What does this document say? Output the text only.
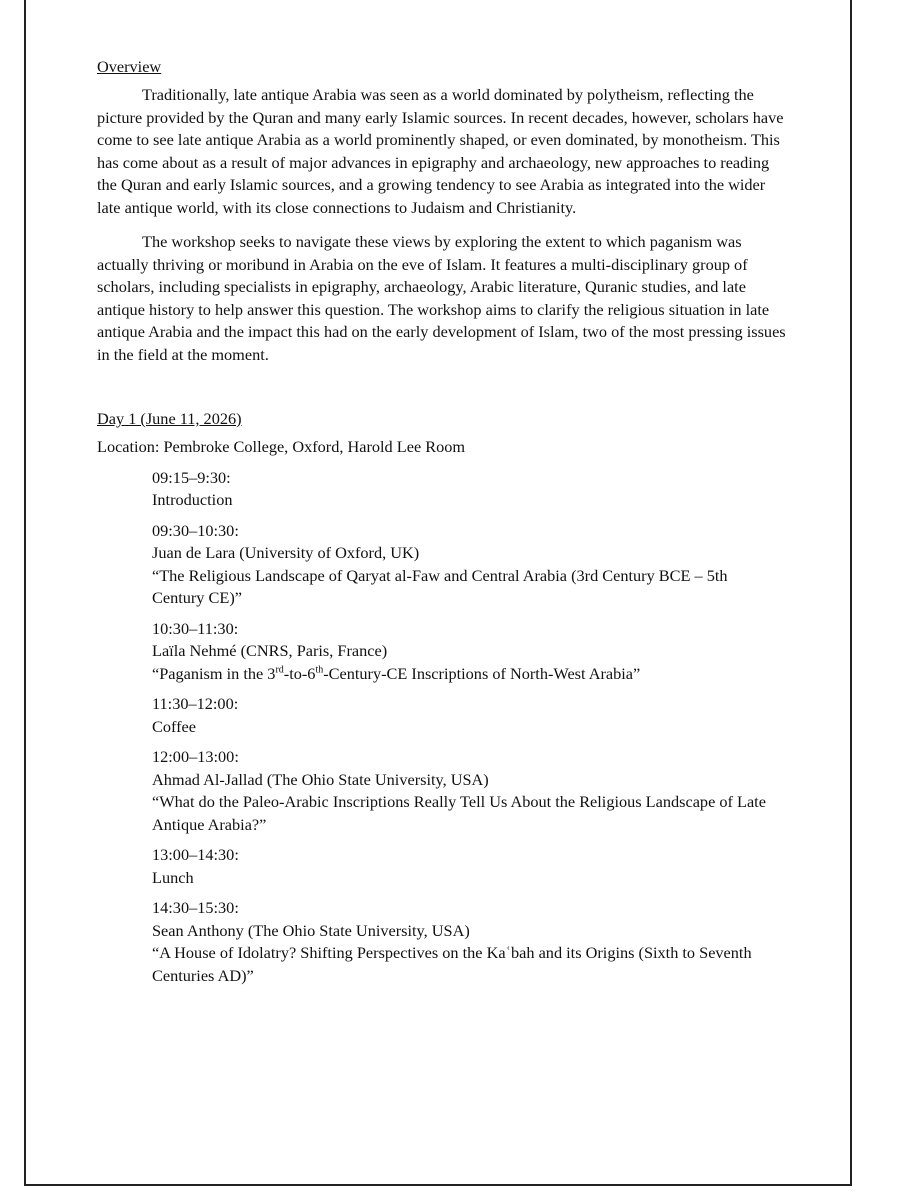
Overview

Traditionally, late antique Arabia was seen as a world dominated by polytheism, reflecting the picture provided by the Quran and many early Islamic sources. In recent decades, however, scholars have come to see late antique Arabia as a world prominently shaped, or even dominated, by monotheism. This has come about as a result of major advances in epigraphy and archaeology, new approaches to reading the Quran and early Islamic sources, and a growing tendency to see Arabia as integrated into the wider late antique world, with its close connections to Judaism and Christianity.

The workshop seeks to navigate these views by exploring the extent to which paganism was actually thriving or moribund in Arabia on the eve of Islam. It features a multi-disciplinary group of scholars, including specialists in epigraphy, archaeology, Arabic literature, Quranic studies, and late antique history to help answer this question. The workshop aims to clarify the religious situation in late antique Arabia and the impact this had on the early development of Islam, two of the most pressing issues in the field at the moment.

Day 1 (June 11, 2026)

Location: Pembroke College, Oxford, Harold Lee Room

09:15–9:30:
Introduction
09:30–10:30:
Juan de Lara (University of Oxford, UK)
“The Religious Landscape of Qaryat al-Faw and Central Arabia (3rd Century BCE – 5th Century CE)”
10:30–11:30:
Laïla Nehmé (CNRS, Paris, France)
“Paganism in the 3rd-to-6th-Century-CE Inscriptions of North-West Arabia”
11:30–12:00:
Coffee
12:00–13:00:
Ahmad Al-Jallad (The Ohio State University, USA)
“What do the Paleo-Arabic Inscriptions Really Tell Us About the Religious Landscape of Late Antique Arabia?”
13:00–14:30:
Lunch
14:30–15:30:
Sean Anthony (The Ohio State University, USA)
“A House of Idolatry? Shifting Perspectives on the Kaʿbah and its Origins (Sixth to Seventh Centuries AD)”
